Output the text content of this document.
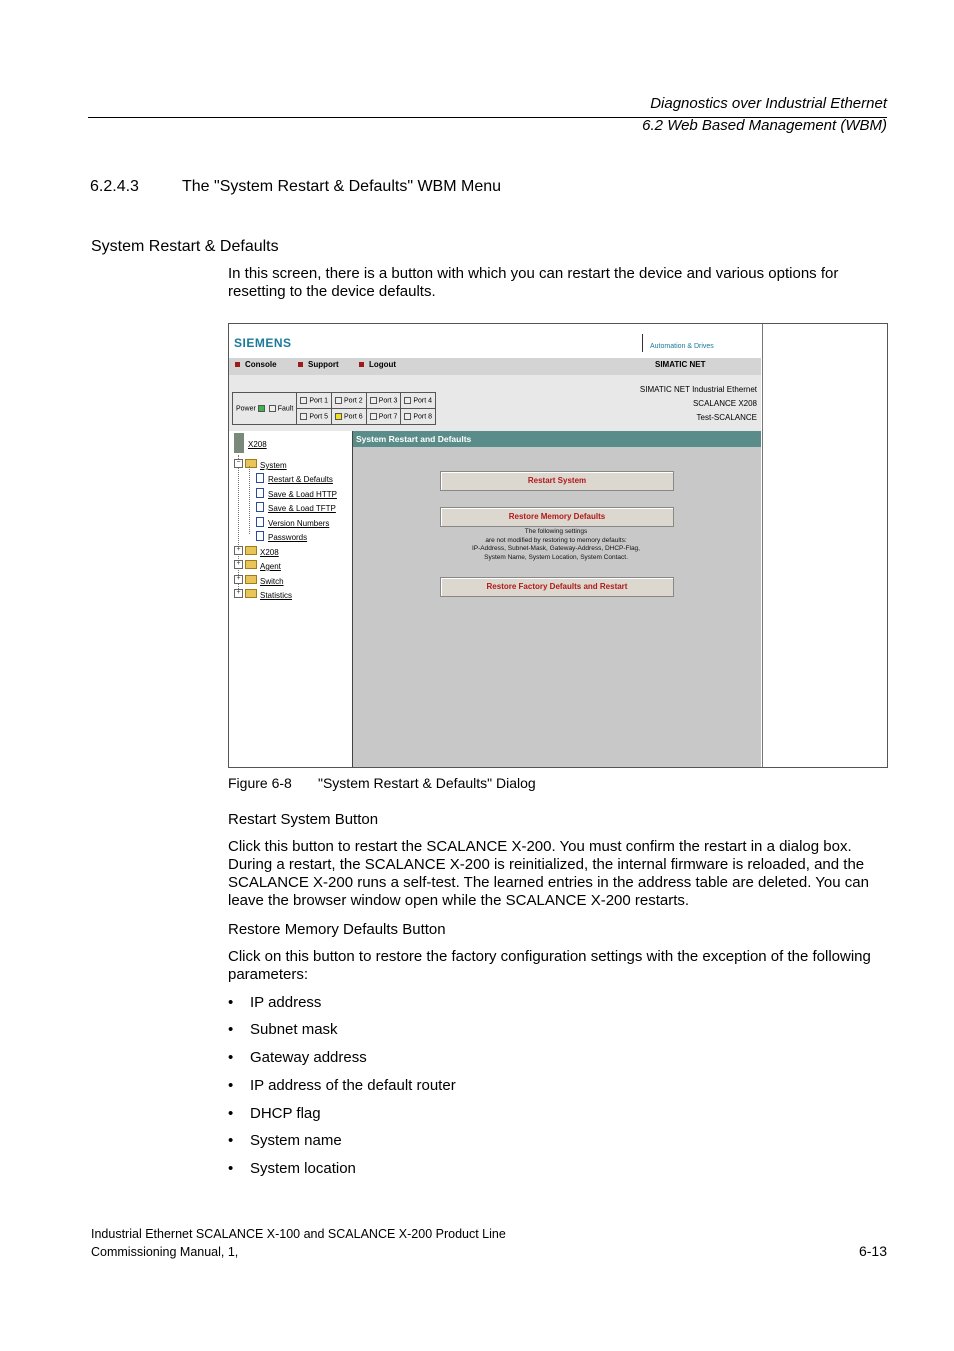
Diagnostics over Industrial Ethernet
6.2 Web Based Management (WBM)
6.2.4.3	The "System Restart & Defaults" WBM Menu
System Restart & Defaults
In this screen, there is a button with which you can restart the device and various options for resetting to the device defaults.
SIEMENS	Automation & Drives
Console	Support	Logout	SIMATIC NET
SIMATIC NET Industrial Ethernet
SCALANCE X208
Test-SCALANCE
Power Fault	Port 1	Port 2	Port 3	Port 4
	Port 5	Port 6	Port 7	Port 8
X208
− System
Restart & Defaults
Save & Load HTTP
Save & Load TFTP
Version Numbers
Passwords
+ X208
+ Agent
+ Switch
+ Statistics
System Restart and Defaults
Restart System
Restore Memory Defaults
The following settings
are not modified by restoring to memory defaults:
IP-Address, Subnet-Mask, Gateway-Address, DHCP-Flag,
System Name, System Location, System Contact.
Restore Factory Defaults and Restart
Figure 6-8 "System Restart & Defaults" Dialog
Restart System Button
Click this button to restart the SCALANCE X-200. You must confirm the restart in a dialog box. During a restart, the SCALANCE X-200 is reinitialized, the internal firmware is reloaded, and the SCALANCE X-200 runs a self-test. The learned entries in the address table are deleted. You can leave the browser window open while the SCALANCE X-200 restarts.
Restore Memory Defaults Button
Click on this button to restore the factory configuration settings with the exception of the following parameters:
• IP address
• Subnet mask
• Gateway address
• IP address of the default router
• DHCP flag
• System name
• System location
Industrial Ethernet SCALANCE X-100 and SCALANCE X-200 Product Line
Commissioning Manual, 1,	6-13
